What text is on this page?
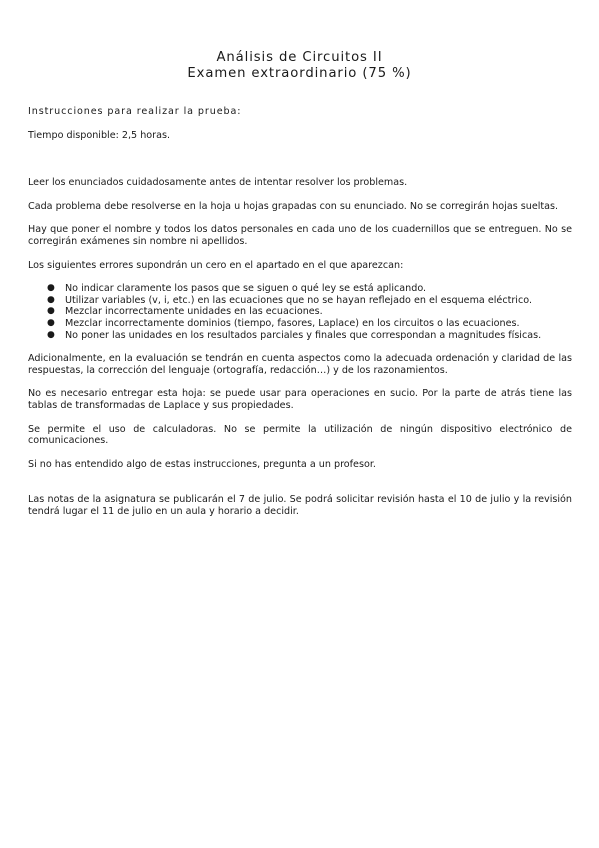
Análisis de Circuitos II
Examen extraordinario (75 %)

Instrucciones para realizar la prueba:

Tiempo disponible: 2,5 horas.

Leer los enunciados cuidadosamente antes de intentar resolver los problemas.

Cada problema debe resolverse en la hoja u hojas grapadas con su enunciado. No se corregirán hojas sueltas.

Hay que poner el nombre y todos los datos personales en cada uno de los cuadernillos que se entreguen. No se corregirán exámenes sin nombre ni apellidos.

Los siguientes errores supondrán un cero en el apartado en el que aparezcan:

● No indicar claramente los pasos que se siguen o qué ley se está aplicando.
● Utilizar variables (v, i, etc.) en las ecuaciones que no se hayan reflejado en el esquema eléctrico.
● Mezclar incorrectamente unidades en las ecuaciones.
● Mezclar incorrectamente dominios (tiempo, fasores, Laplace) en los circuitos o las ecuaciones.
● No poner las unidades en los resultados parciales y finales que correspondan a magnitudes físicas.

Adicionalmente, en la evaluación se tendrán en cuenta aspectos como la adecuada ordenación y claridad de las respuestas, la corrección del lenguaje (ortografía, redacción…) y de los razonamientos.

No es necesario entregar esta hoja: se puede usar para operaciones en sucio. Por la parte de atrás tiene las tablas de transformadas de Laplace y sus propiedades.

Se permite el uso de calculadoras. No se permite la utilización de ningún dispositivo electrónico de comunicaciones.

Si no has entendido algo de estas instrucciones, pregunta a un profesor.

Las notas de la asignatura se publicarán el 7 de julio. Se podrá solicitar revisión hasta el 10 de julio y la revisión tendrá lugar el 11 de julio en un aula y horario a decidir.
